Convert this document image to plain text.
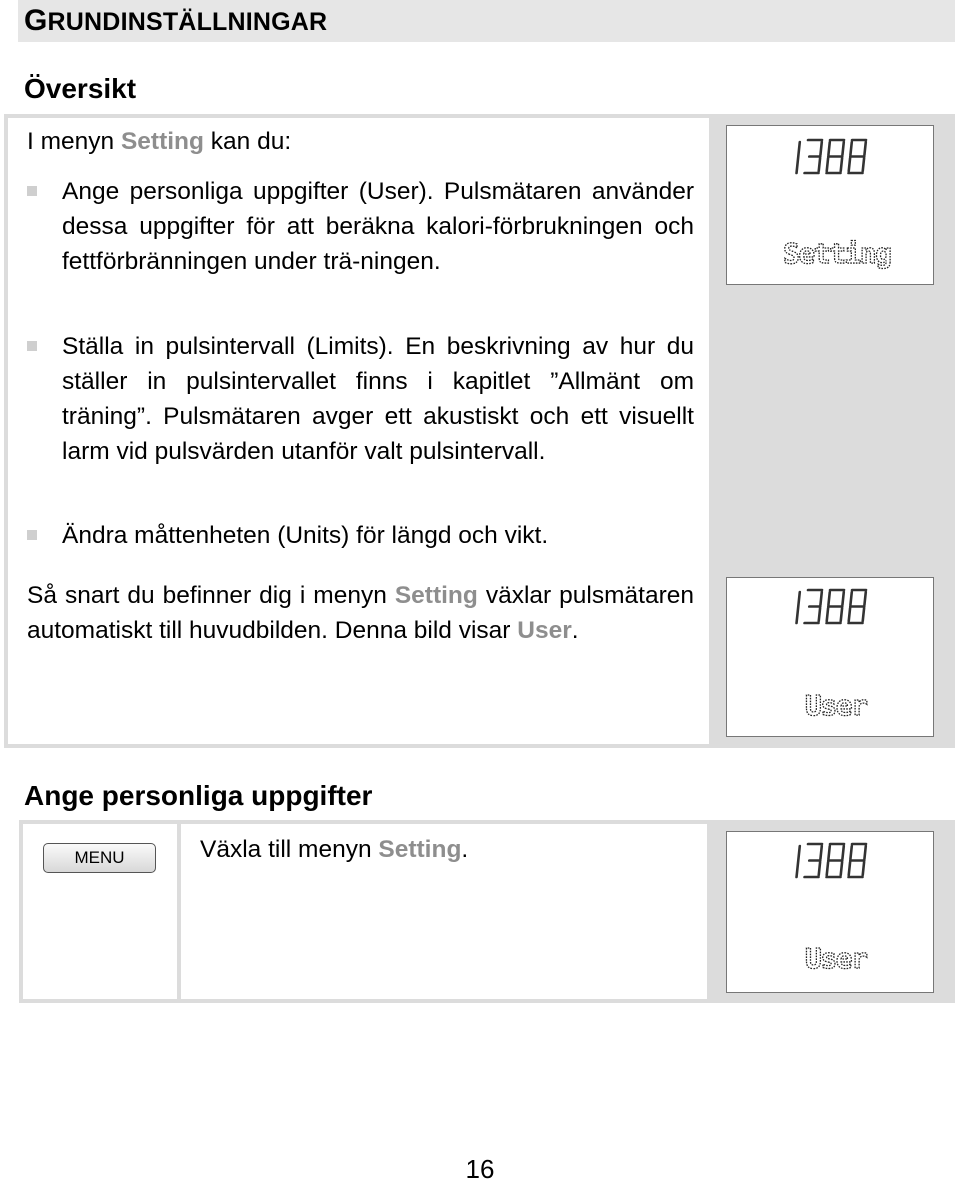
GRUNDINSTÄLLNINGAR
Översikt
I menyn Setting kan du:
Ange personliga uppgifter (User). Pulsmätaren använder dessa uppgifter för att beräkna kalori-förbrukningen och fettförbränningen under trä-ningen.
Ställa in pulsintervall (Limits). En beskrivning av hur du ställer in pulsintervallet finns i kapitlet ”Allmänt om träning”. Pulsmätaren avger ett akustiskt och ett visuellt larm vid pulsvärden utanför valt pulsintervall.
Ändra måttenheten (Units) för längd och vikt.
Så snart du befinner dig i menyn Setting växlar pulsmätaren automatiskt till huvudbilden. Denna bild visar User.
Setting
User
Ange personliga uppgifter
MENU	Växla till menyn Setting.
User
16
